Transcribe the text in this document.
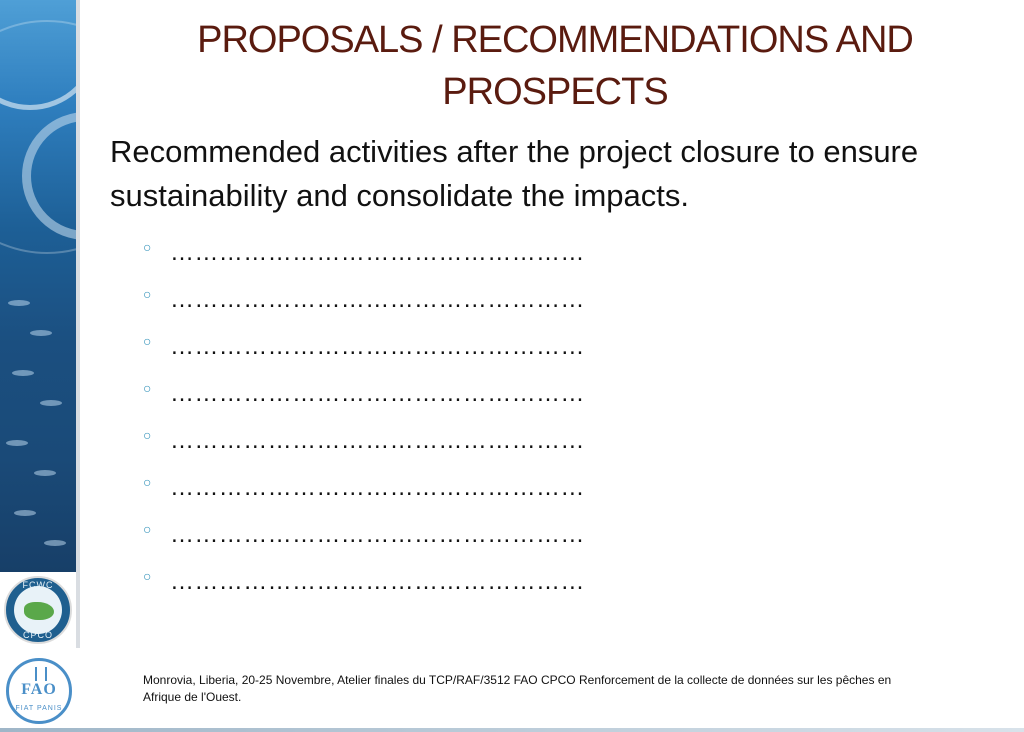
FCWC
CPCO
FAO
FIAT PANIS
PROPOSALS / RECOMMENDATIONS AND
PROSPECTS
Recommended activities after the project closure to ensure
sustainability and consolidate the impacts.
○ ……………………………………………
○ ……………………………………………
○ ……………………………………………
○ ……………………………………………
○ ……………………………………………
○ ……………………………………………
○ ……………………………………………
○ ……………………………………………
Monrovia, Liberia, 20-25 Novembre, Atelier finales du TCP/RAF/3512 FAO CPCO Renforcement de la collecte de données sur les pêches en
Afrique de l'Ouest.
